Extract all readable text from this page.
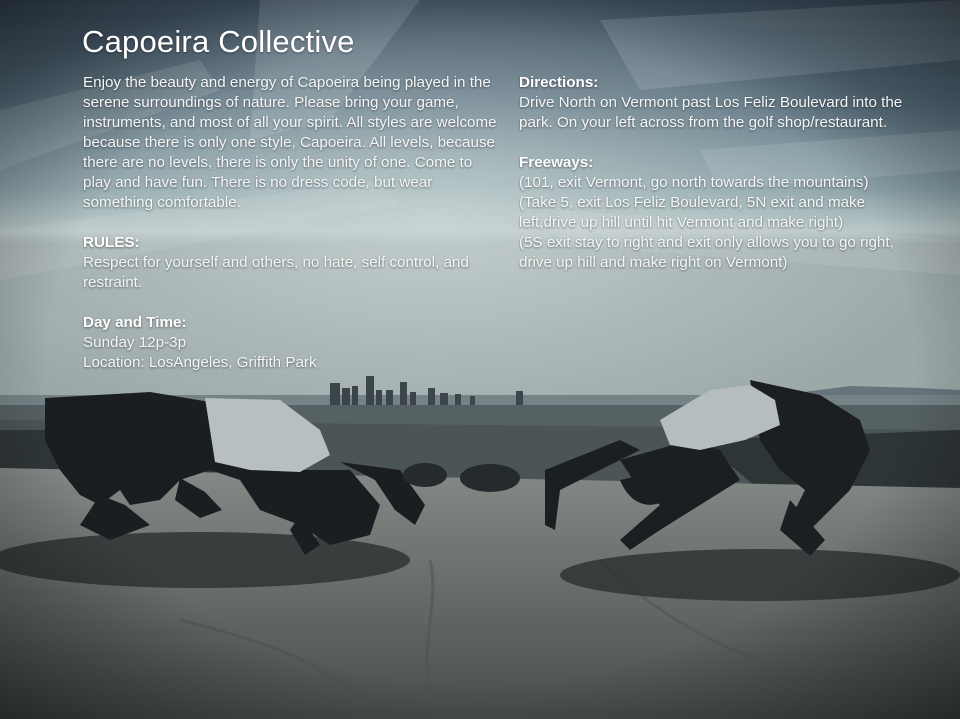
Capoeira Collective

Enjoy the beauty and energy of Capoeira being played in the serene surroundings of nature. Please bring your game, instruments, and most of all your spirit. All styles are welcome because there is only one style, Capoeira. All levels, because there are no levels, there is only the unity of one. Come to play and have fun. There is no dress code, but wear something comfortable.

RULES:

Respect for yourself and others, no hate, self control, and restraint.

Day and Time:

Sunday 12p-3p

Location: LosAngeles, Griffith Park

Directions:

Drive North on Vermont past Los Feliz Boulevard into the park. On your left across from the golf shop/restaurant.

Freeways:

(101, exit Vermont, go north towards the mountains)

(Take 5, exit Los Feliz Boulevard, 5N exit and make left,drive up hill until hit Vermont and make right)

(5S exit stay to right and exit only allows you to go right, drive up hill and make right on Vermont)
